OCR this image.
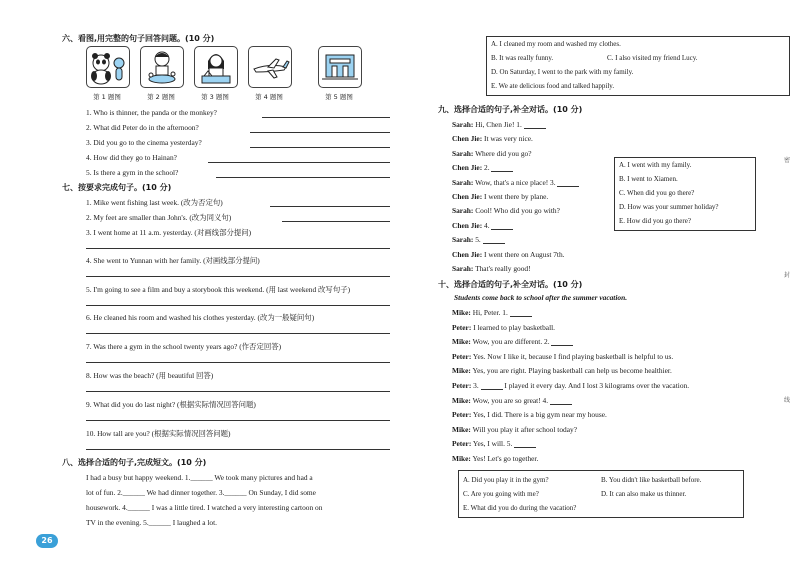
六、看图,用完整的句子回答问题。(10 分)
第 1 题图	第 2 题图	第 3 题图	第 4 题图	第 5 题图
1. Who is thinner, the panda or the monkey?
2. What did Peter do in the afternoon?
3. Did you go to the cinema yesterday?
4. How did they go to Hainan?
5. Is there a gym in the school?
七、按要求完成句子。(10 分)
1. Mike went fishing last week. (改为否定句)
2. My feet are smaller than John's. (改为同义句)
3. I went home at 11 a.m. yesterday. (对画线部分提问)
4. She went to Yunnan with her family. (对画线部分提问)
5. I'm going to see a film and buy a storybook this weekend. (用 last weekend 改写句子)
6. He cleaned his room and washed his clothes yesterday. (改为一般疑问句)
7. Was there a gym in the school twenty years ago? (作否定回答)
8. How was the beach? (用 beautiful 回答)
9. What did you do last night? (根据实际情况回答问题)
10. How tall are you? (根据实际情况回答问题)
八、选择合适的句子,完成短文。(10 分)
I had a busy but happy weekend. 1.______ We took many pictures and had a
lot of fun. 2.______ We had dinner together. 3.______ On Sunday, I did some
housework. 4.______ I was a little tired. I watched a very interesting cartoon on
TV in the evening. 5.______ I laughed a lot.
26
A. I cleaned my room and washed my clothes.
B. It was really funny.	C. I also visited my friend Lucy.
D. On Saturday, I went to the park with my family.
E. We ate delicious food and talked happily.
九、选择合适的句子,补全对话。(10 分)
Sarah: Hi, Chen Jie! 1.
Chen Jie: It was very nice.
Sarah: Where did you go?
Chen Jie: 2.
Sarah: Wow, that's a nice place! 3.
Chen Jie: I went there by plane.
Sarah: Cool! Who did you go with?
Chen Jie: 4.
Sarah: 5.
Chen Jie: I went there on August 7th.
Sarah: That's really good!
A. I went with my family.
B. I went to Xiamen.
C. When did you go there?
D. How was your summer holiday?
E. How did you go there?
十、选择合适的句子,补全对话。(10 分)
Students come back to school after the summer vacation.
Mike: Hi, Peter. 1.
Peter: I learned to play basketball.
Mike: Wow, you are different. 2.
Peter: Yes. Now I like it, because I find playing basketball is helpful to us.
Mike: Yes, you are right. Playing basketball can help us become healthier.
Peter: 3.	I played it every day. And I lost 3 kilograms over the vacation.
Mike: Wow, you are so great! 4.
Peter: Yes, I did. There is a big gym near my house.
Mike: Will you play it after school today?
Peter: Yes, I will. 5.
Mike: Yes! Let's go together.
A. Did you play it in the gym?	B. You didn't like basketball before.
C. Are you going with me?	D. It can also make us thinner.
E. What did you do during the vacation?
密
封
线
